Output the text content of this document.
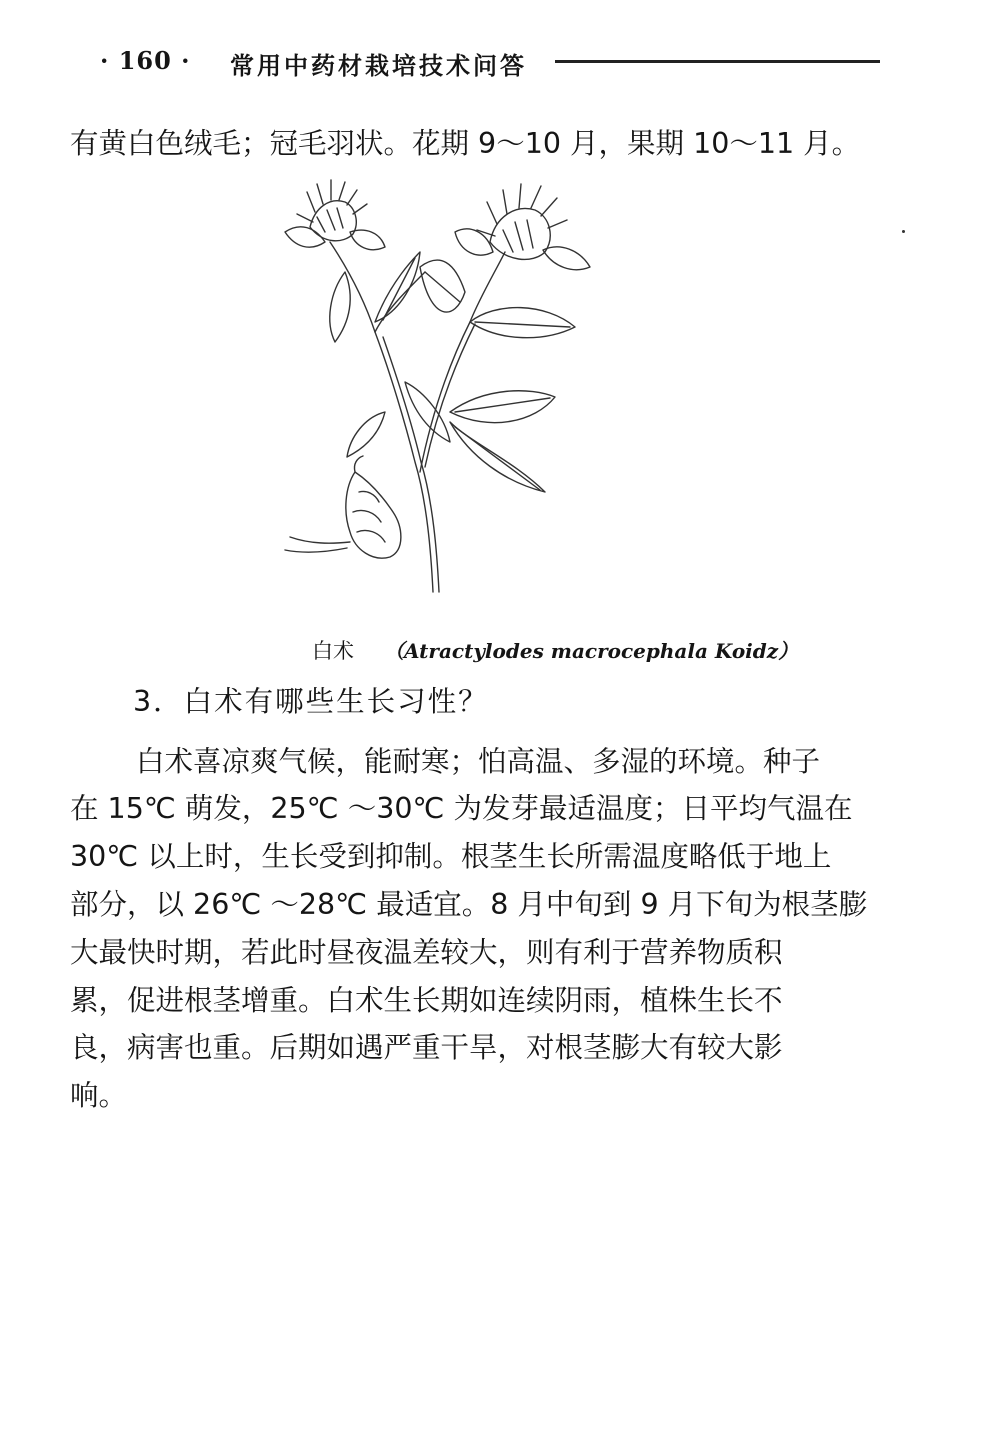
· 160 · 常用中药材栽培技术问答
有黄白色绒毛；冠毛羽状。花期 9～10 月，果期 10～11 月。
白术 （Atractylodes macrocephala Koidz）
3．白术有哪些生长习性？
白术喜凉爽气候，能耐寒；怕高温、多湿的环境。种子
在 15℃ 萌发，25℃ ～30℃ 为发芽最适温度；日平均气温在
30℃ 以上时，生长受到抑制。根茎生长所需温度略低于地上
部分，以 26℃ ～28℃ 最适宜。8 月中旬到 9 月下旬为根茎膨
大最快时期，若此时昼夜温差较大，则有利于营养物质积
累，促进根茎增重。白术生长期如连续阴雨，植株生长不
良，病害也重。后期如遇严重干旱，对根茎膨大有较大影
响。
